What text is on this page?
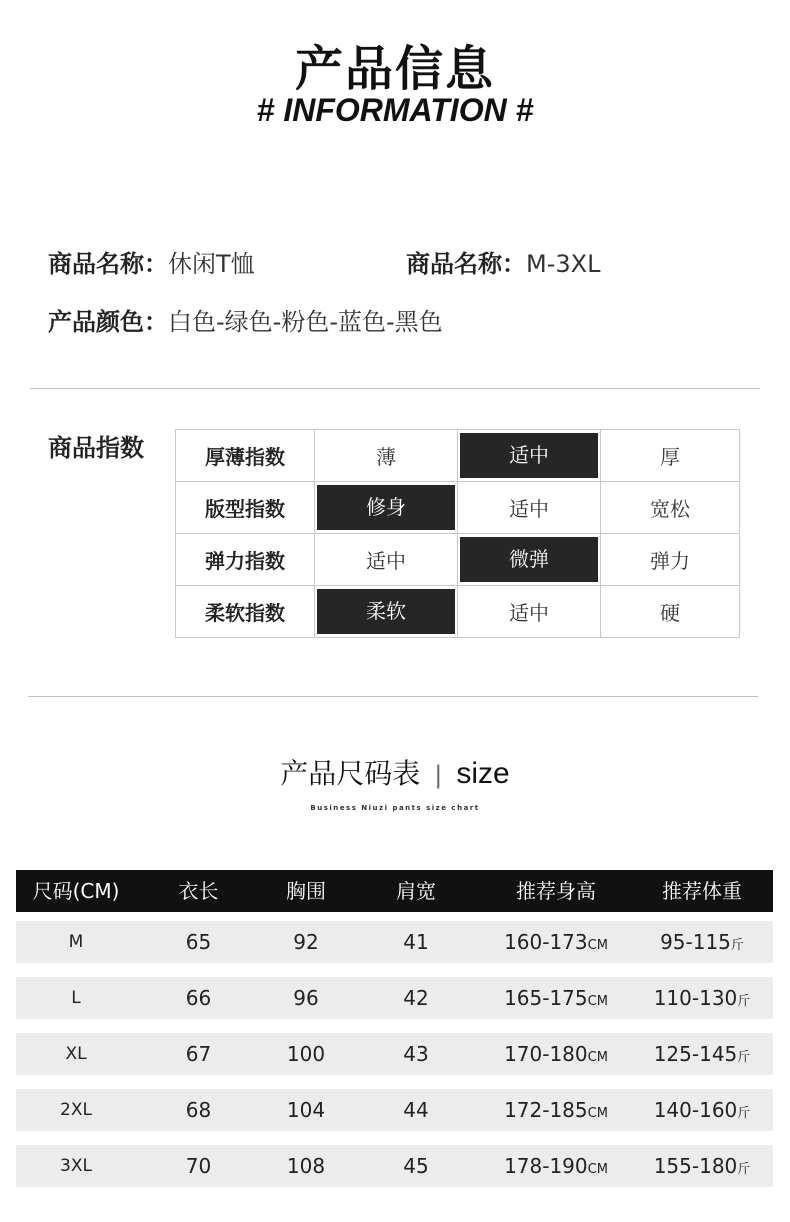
产品信息
# INFORMATION #
商品名称：休闲T恤	商品名称：M-3XL
产品颜色：白色-绿色-粉色-蓝色-黑色
商品指数	厚薄指数	薄	适中	厚
版型指数	修身	适中	宽松
弹力指数	适中	微弹	弹力
柔软指数	柔软	适中	硬
产品尺码表 | size
Business Niuzi pants size chart
尺码(CM)	衣长	胸围	肩宽	推荐身高	推荐体重
M	65	92	41	160-173CM	95-115斤
L	66	96	42	165-175CM	110-130斤
XL	67	100	43	170-180CM	125-145斤
2XL	68	104	44	172-185CM	140-160斤
3XL	70	108	45	178-190CM	155-180斤
